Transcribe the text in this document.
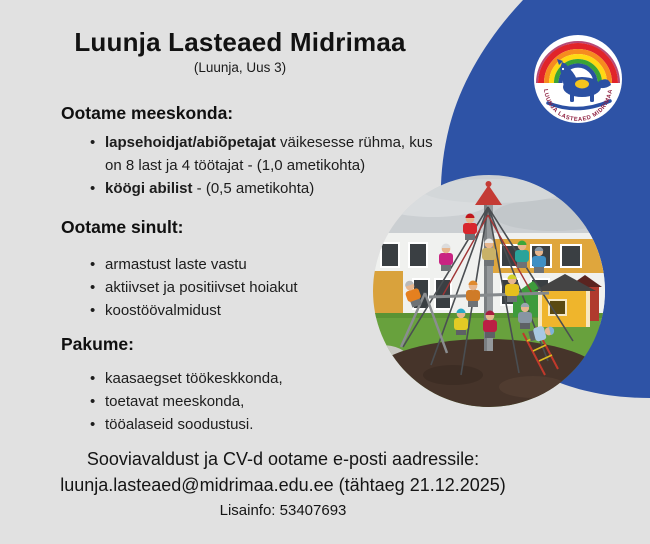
LUUNJA LASTEAED MIDRIMAA
Luunja Lasteaed Midrimaa
(Luunja, Uus 3)
Ootame meeskonda:
• lapsehoidjat/abiõpetajat väikesesse rühma, kus on 8 last ja 4 töötajat - (1,0 ametikohta)
• kö​ögi abilist - (0,5 ametikohta)
Ootame sinult:
• armastust laste vastu
• aktiivset ja positiivset hoiakut
• koostöövalmidust
Pakume:
• kaasaegset töökeskkonda,
• toetavat meeskonda,
• tööalaseid soodustusi.
Sooviavaldust ja CV-d ootame e-posti aadressile:
luunja.lasteaed@midrimaa.edu.ee (tähtaeg 21.12.2025)
Lisainfo: 53407693
